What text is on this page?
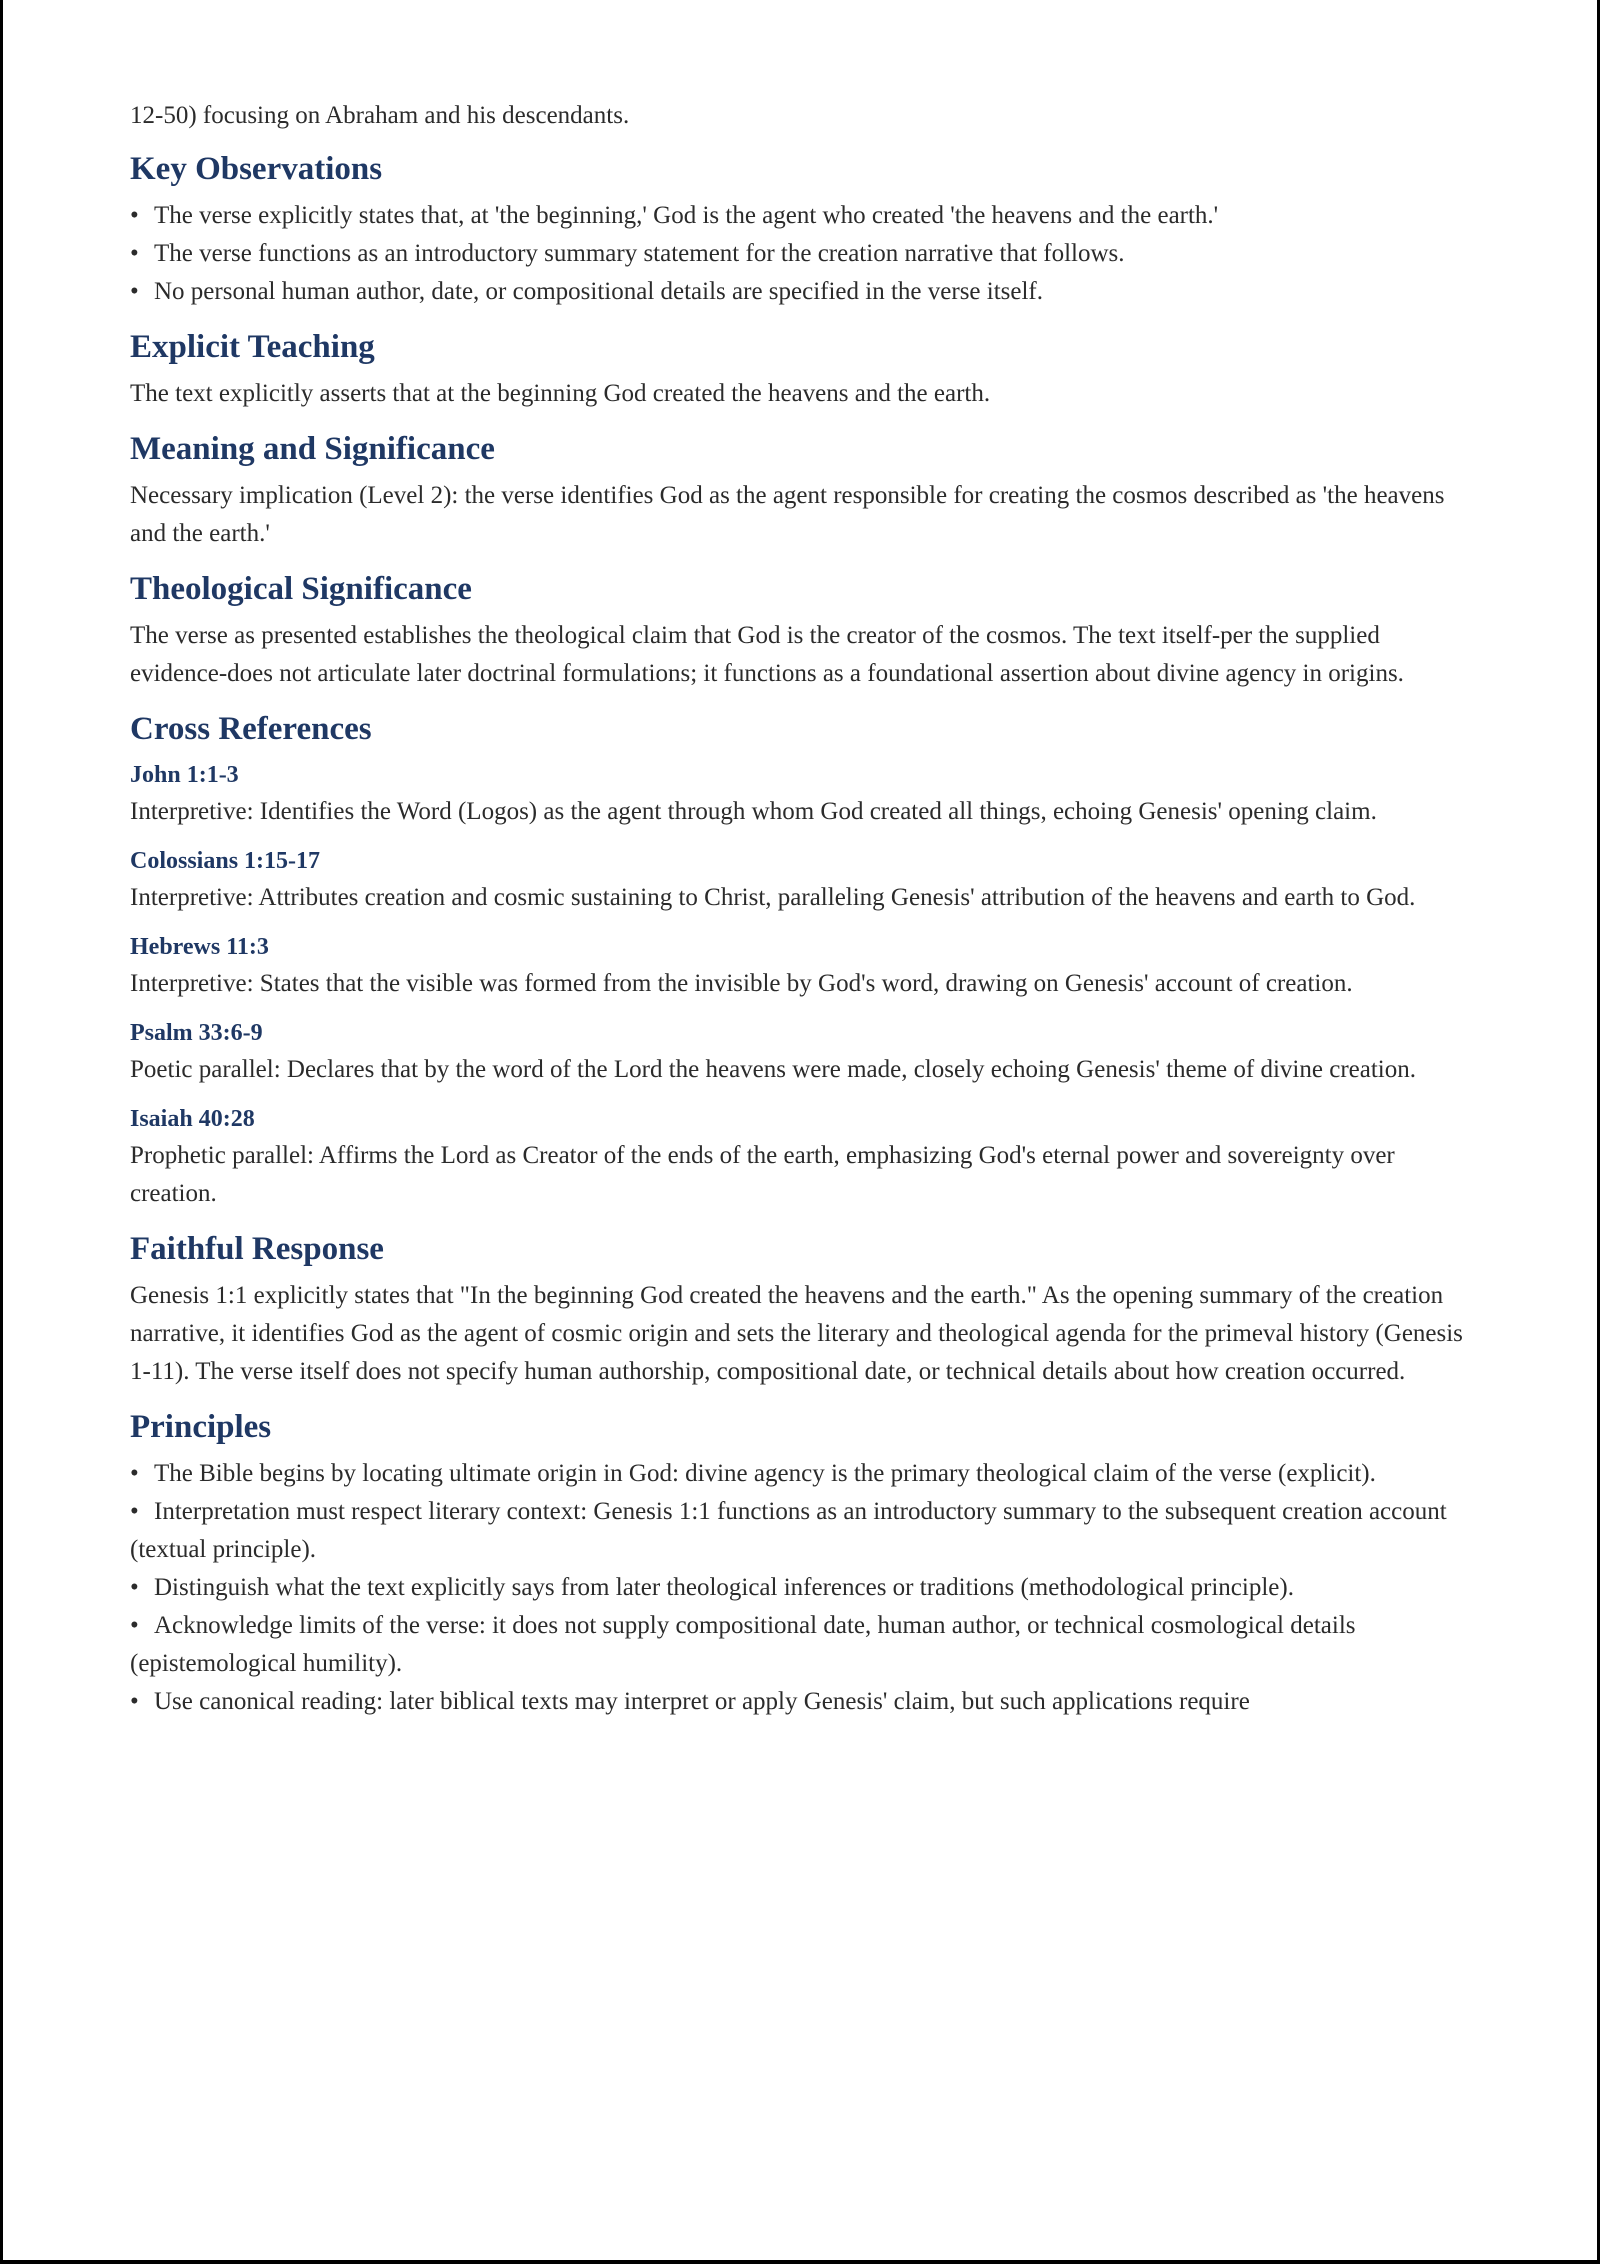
12-50) focusing on Abraham and his descendants.

Key Observations
• The verse explicitly states that, at 'the beginning,' God is the agent who created 'the heavens and the earth.'
• The verse functions as an introductory summary statement for the creation narrative that follows.
• No personal human author, date, or compositional details are specified in the verse itself.
Explicit Teaching

The text explicitly asserts that at the beginning God created the heavens and the earth.

Meaning and Significance

Necessary implication (Level 2): the verse identifies God as the agent responsible for creating the cosmos described as 'the heavens and the earth.'

Theological Significance

The verse as presented establishes the theological claim that God is the creator of the cosmos. The text itself-per the supplied evidence-does not articulate later doctrinal formulations; it functions as a foundational assertion about divine agency in origins.

Cross References
John 1:1-3
Interpretive: Identifies the Word (Logos) as the agent through whom God created all things, echoing Genesis' opening claim.
Colossians 1:15-17
Interpretive: Attributes creation and cosmic sustaining to Christ, paralleling Genesis' attribution of the heavens and earth to God.
Hebrews 11:3
Interpretive: States that the visible was formed from the invisible by God's word, drawing on Genesis' account of creation.
Psalm 33:6-9
Poetic parallel: Declares that by the word of the Lord the heavens were made, closely echoing Genesis' theme of divine creation.
Isaiah 40:28
Prophetic parallel: Affirms the Lord as Creator of the ends of the earth, emphasizing God's eternal power and sovereignty over creation.
Faithful Response

Genesis 1:1 explicitly states that "In the beginning God created the heavens and the earth." As the opening summary of the creation narrative, it identifies God as the agent of cosmic origin and sets the literary and theological agenda for the primeval history (Genesis 1-11). The verse itself does not specify human authorship, compositional date, or technical details about how creation occurred.

Principles
• The Bible begins by locating ultimate origin in God: divine agency is the primary theological claim of the verse (explicit).
• Interpretation must respect literary context: Genesis 1:1 functions as an introductory summary to the subsequent creation account (textual principle).
• Distinguish what the text explicitly says from later theological inferences or traditions (methodological principle).
• Acknowledge limits of the verse: it does not supply compositional date, human author, or technical cosmological details (epistemological humility).
• Use canonical reading: later biblical texts may interpret or apply Genesis' claim, but such applications require
